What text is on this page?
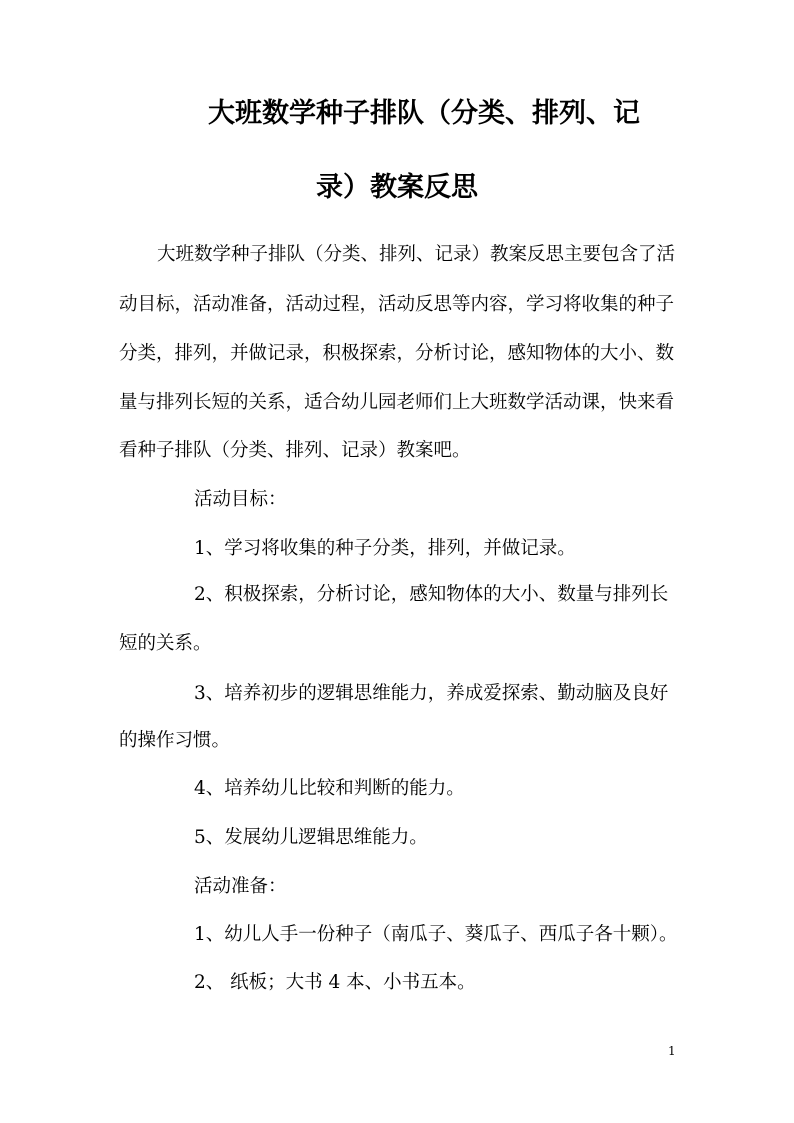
大班数学种子排队（分类、排列、记
录）教案反思
大班数学种子排队（分类、排列、记录）教案反思主要包含了活
动目标，活动准备，活动过程，活动反思等内容，学习将收集的种子
分类，排列，并做记录，积极探索，分析讨论，感知物体的大小、数
量与排列长短的关系，适合幼儿园老师们上大班数学活动课，快来看
看种子排队（分类、排列、记录）教案吧。
活动目标：
1、学习将收集的种子分类，排列，并做记录。
2、积极探索，分析讨论，感知物体的大小、数量与排列长
短的关系。
3、培养初步的逻辑思维能力，养成爱探索、勤动脑及良好
的操作习惯。
4、培养幼儿比较和判断的能力。
5、发展幼儿逻辑思维能力。
活动准备：
1、幼儿人手一份种子（南瓜子、葵瓜子、西瓜子各十颗）。
2、 纸板；大书 4 本、小书五本。
1
